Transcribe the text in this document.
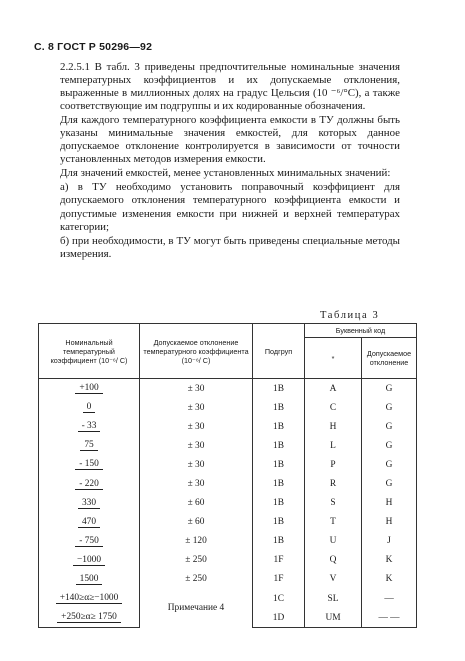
С. 8 ГОСТ Р 50296—92

2.2.5.1 В табл. 3 приведены предпочтительные номинальные значения температурных коэффициентов и их допускаемые отклонения, выраженные в миллионных долях на градус Цельсия (10 ⁻⁶/°С), а также соответствующие им подгруппы и их кодированные обозначения.

Для каждого температурного коэффициента емкости в ТУ должны быть указаны минимальные значения емкостей, для которых данное допускаемое отклонение контролируется в зависимости от точности установленных методов измерения емкости.

Для значений емкостей, менее установленных минимальных значений:

а) в ТУ необходимо установить поправочный коэффициент для допускаемого отклонения температурного коэффициента емкости и допустимые изменения емкости при нижней и верхней температурах категории;

б) при необходимости, в ТУ могут быть приведены специальные методы измерения.

Таблица 3
Номинальный температурный коэффициент (10⁻⁶/ С)	Допускаемое отклонение температурного коэффициента (10⁻⁶/ С)	Подгруп	Буквенный код	
			*	Допускаемое отклонение
+100	± 30	1B	A	G
0	± 30	1B	C	G
- 33	± 30	1B	H	G
75	± 30	1B	L	G
- 150	± 30	1B	P	G
- 220	± 30	1B	R	G
330	± 60	1B	S	H
470	± 60	1B	T	H
- 750	± 120	1B	U	J
−1000	± 250	1F	Q	K
1500	± 250	1F	V	K
+140≥α≥−1000	Примечание 4	1C	SL	—
+250≥α≥ 1750		1D	UM	— —
